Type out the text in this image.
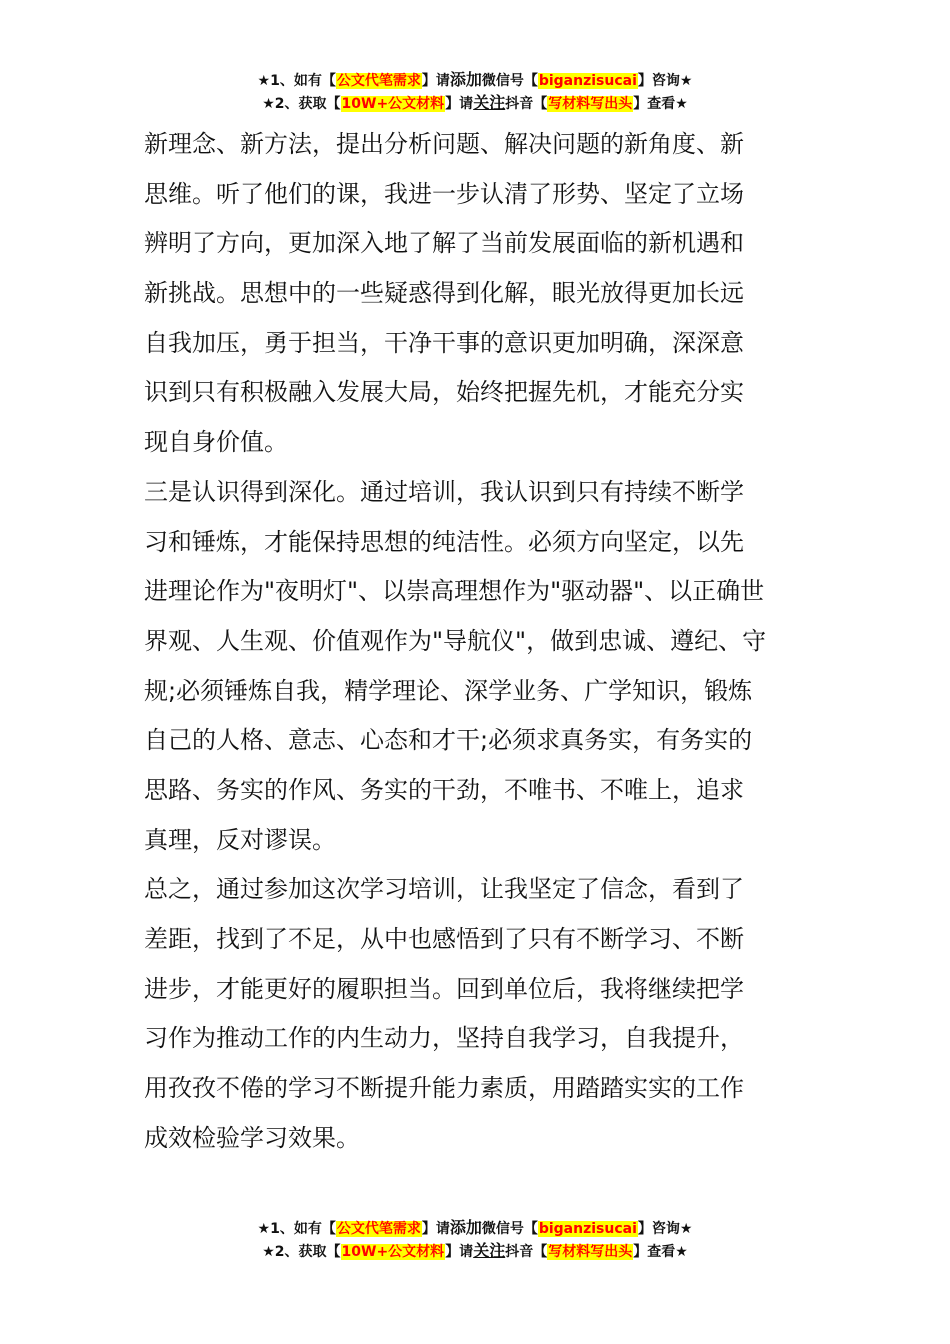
★1、如有【公文代笔需求】请添加微信号【biganzisucai】咨询★
★2、获取【10W+公文材料】请关注抖音【写材料写出头】查看★
新理念、新方法，提出分析问题、解决问题的新角度、新
思维。听了他们的课，我进一步认清了形势、坚定了立场
辨明了方向，更加深入地了解了当前发展面临的新机遇和
新挑战。思想中的一些疑惑得到化解，眼光放得更加长远
自我加压，勇于担当，干净干事的意识更加明确，深深意
识到只有积极融入发展大局，始终把握先机，才能充分实
现自身价值。
三是认识得到深化。通过培训，我认识到只有持续不断学
习和锤炼，才能保持思想的纯洁性。必须方向坚定，以先
进理论作为"夜明灯"、以崇高理想作为"驱动器"、以正确世
界观、人生观、价值观作为"导航仪"，做到忠诚、遵纪、守
规;必须锤炼自我，精学理论、深学业务、广学知识，锻炼
自己的人格、意志、心态和才干;必须求真务实，有务实的
思路、务实的作风、务实的干劲，不唯书、不唯上，追求
真理，反对谬误。
总之，通过参加这次学习培训，让我坚定了信念，看到了
差距，找到了不足，从中也感悟到了只有不断学习、不断
进步，才能更好的履职担当。回到单位后，我将继续把学
习作为推动工作的内生动力，坚持自我学习，自我提升，
用孜孜不倦的学习不断提升能力素质，用踏踏实实的工作
成效检验学习效果。
★1、如有【公文代笔需求】请添加微信号【biganzisucai】咨询★
★2、获取【10W+公文材料】请关注抖音【写材料写出头】查看★
